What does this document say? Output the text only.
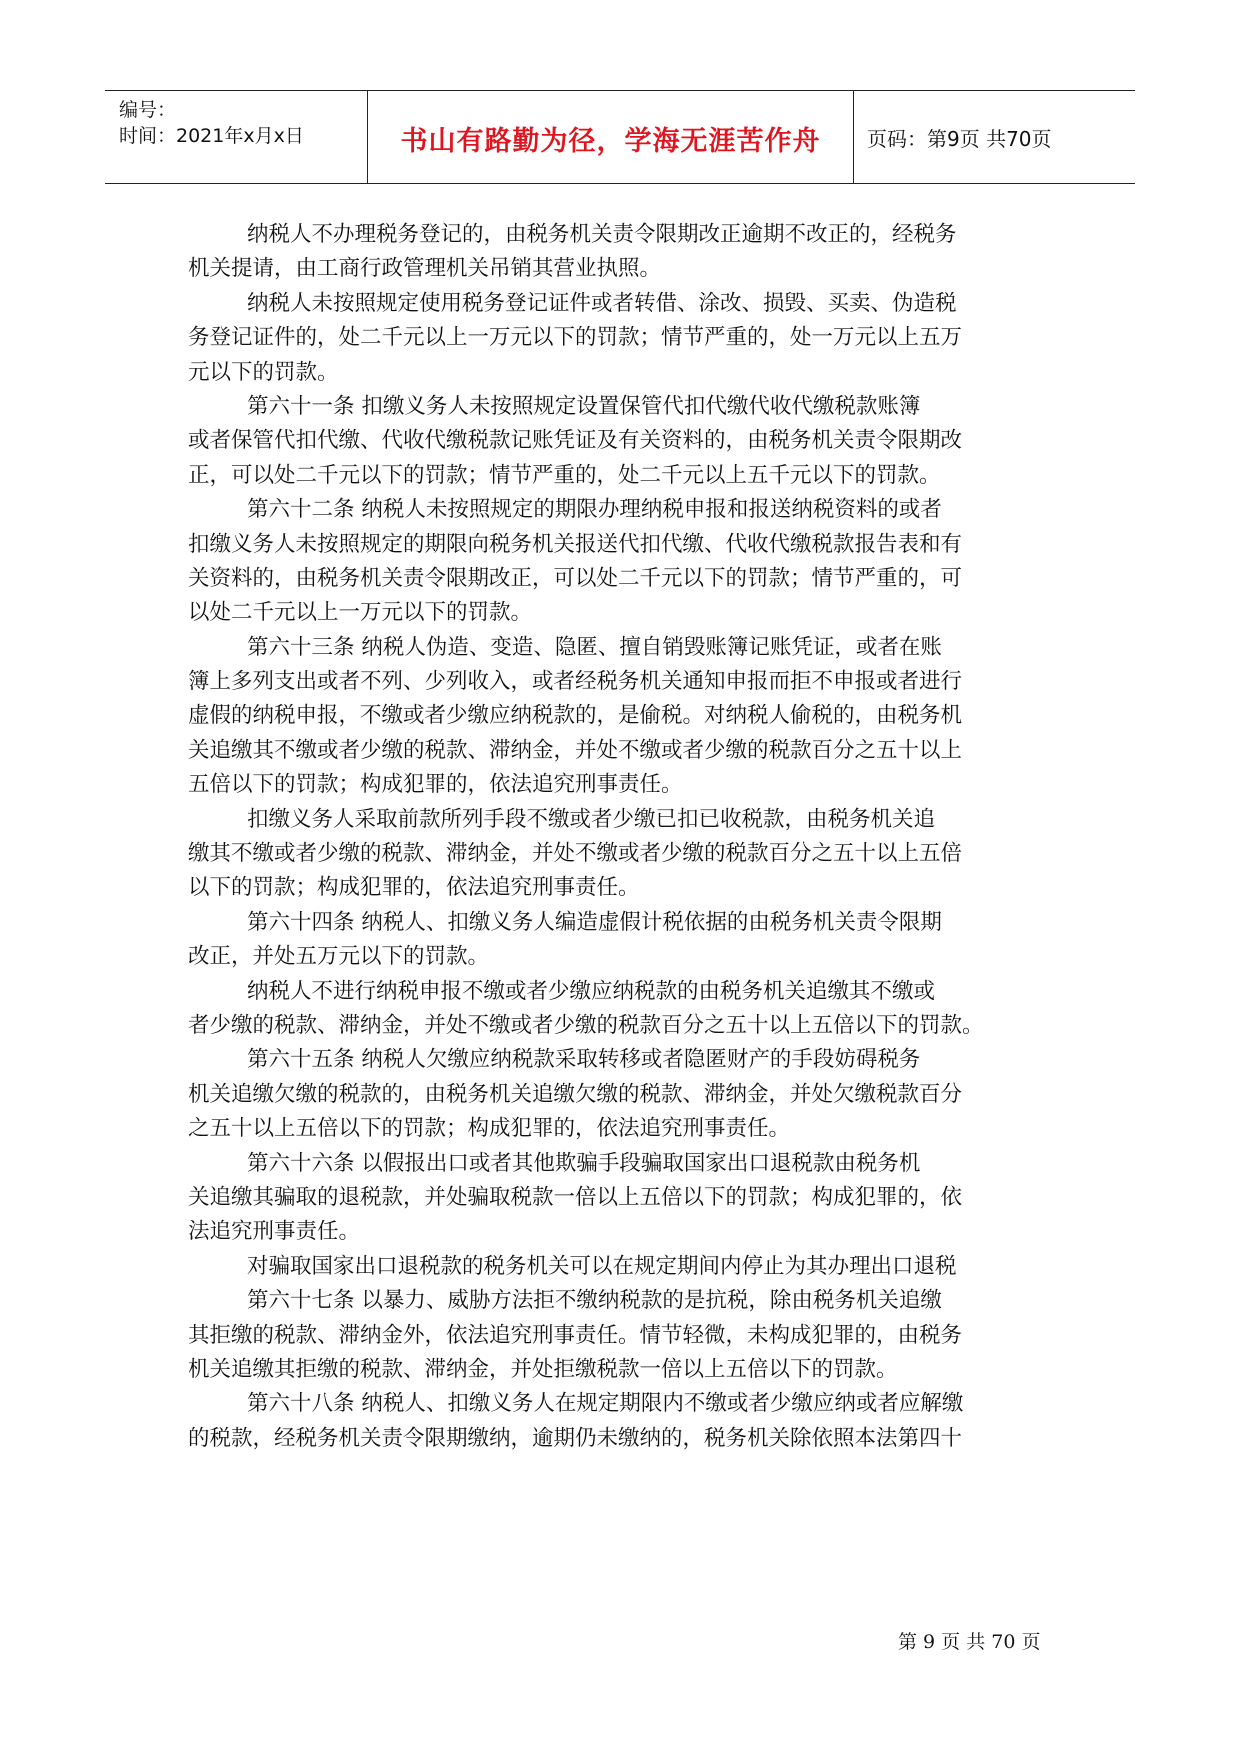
编号：
时间：2021年x月x日	书山有路勤为径，学海无涯苦作舟	页码：第9页 共70页
纳税人不办理税务登记的，由税务机关责令限期改正逾期不改正的，经税务
机关提请，由工商行政管理机关吊销其营业执照。
纳税人未按照规定使用税务登记证件或者转借、涂改、损毁、买卖、伪造税
务登记证件的，处二千元以上一万元以下的罚款；情节严重的，处一万元以上五万
元以下的罚款。
第六十一条 扣缴义务人未按照规定设置保管代扣代缴代收代缴税款账簿
或者保管代扣代缴、代收代缴税款记账凭证及有关资料的，由税务机关责令限期改
正，可以处二千元以下的罚款；情节严重的，处二千元以上五千元以下的罚款。
第六十二条 纳税人未按照规定的期限办理纳税申报和报送纳税资料的或者
扣缴义务人未按照规定的期限向税务机关报送代扣代缴、代收代缴税款报告表和有
关资料的，由税务机关责令限期改正，可以处二千元以下的罚款；情节严重的，可
以处二千元以上一万元以下的罚款。
第六十三条 纳税人伪造、变造、隐匿、擅自销毁账簿记账凭证，或者在账
簿上多列支出或者不列、少列收入，或者经税务机关通知申报而拒不申报或者进行
虚假的纳税申报，不缴或者少缴应纳税款的，是偷税。对纳税人偷税的，由税务机
关追缴其不缴或者少缴的税款、滞纳金，并处不缴或者少缴的税款百分之五十以上
五倍以下的罚款；构成犯罪的，依法追究刑事责任。
扣缴义务人采取前款所列手段不缴或者少缴已扣已收税款，由税务机关追
缴其不缴或者少缴的税款、滞纳金，并处不缴或者少缴的税款百分之五十以上五倍
以下的罚款；构成犯罪的，依法追究刑事责任。
第六十四条 纳税人、扣缴义务人编造虚假计税依据的由税务机关责令限期
改正，并处五万元以下的罚款。
纳税人不进行纳税申报不缴或者少缴应纳税款的由税务机关追缴其不缴或
者少缴的税款、滞纳金，并处不缴或者少缴的税款百分之五十以上五倍以下的罚款。
第六十五条 纳税人欠缴应纳税款采取转移或者隐匿财产的手段妨碍税务
机关追缴欠缴的税款的，由税务机关追缴欠缴的税款、滞纳金，并处欠缴税款百分
之五十以上五倍以下的罚款；构成犯罪的，依法追究刑事责任。
第六十六条 以假报出口或者其他欺骗手段骗取国家出口退税款由税务机
关追缴其骗取的退税款，并处骗取税款一倍以上五倍以下的罚款；构成犯罪的，依
法追究刑事责任。
对骗取国家出口退税款的税务机关可以在规定期间内停止为其办理出口退税
第六十七条 以暴力、威胁方法拒不缴纳税款的是抗税，除由税务机关追缴
其拒缴的税款、滞纳金外，依法追究刑事责任。情节轻微，未构成犯罪的，由税务
机关追缴其拒缴的税款、滞纳金，并处拒缴税款一倍以上五倍以下的罚款。
第六十八条 纳税人、扣缴义务人在规定期限内不缴或者少缴应纳或者应解缴
的税款，经税务机关责令限期缴纳，逾期仍未缴纳的，税务机关除依照本法第四十
第 9 页 共 70 页
